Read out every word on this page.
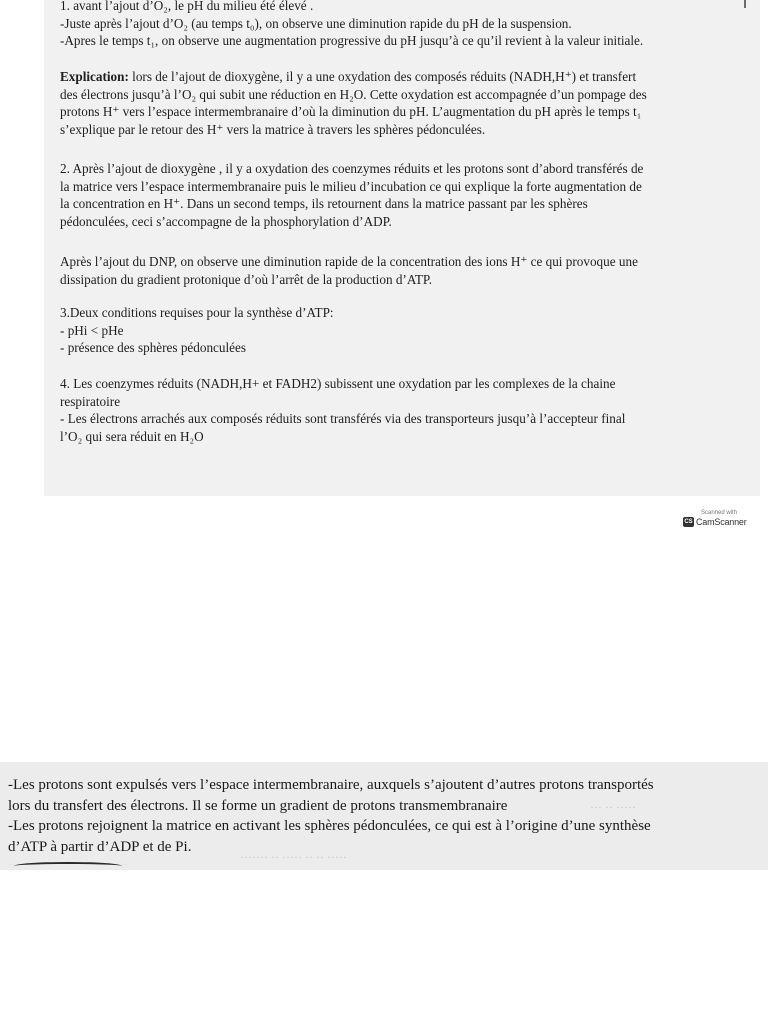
1. avant l’ajout d’O₂, le pH du milieu été élevé .
-Juste après l’ajout d’O₂ (au temps t₀), on observe une diminution rapide du pH de la suspension.
-Apres le temps t₁, on observe une augmentation progressive du pH jusqu’à ce qu’il revient à la valeur initiale.
Explication: lors de l’ajout de dioxygène, il y a une oxydation des composés réduits (NADH,H⁺) et transfert
des électrons jusqu’à l’O₂ qui subit une réduction en H₂O. Cette oxydation est accompagnée d’un pompage des
protons H⁺ vers l’espace intermembranaire d’où la diminution du pH. L’augmentation du pH après le temps t₁
s’explique par le retour des H⁺ vers la matrice à travers les sphères pédonculées.
2. Après l’ajout de dioxygène , il y a oxydation des coenzymes réduits et les protons sont d’abord transférés de
la matrice vers l’espace intermembranaire puis le milieu d’incubation ce qui explique la forte augmentation de
la concentration en H⁺. Dans un second temps, ils retournent dans la matrice passant par les sphères
pédonculées, ceci s’accompagne de la phosphorylation d’ADP.
Après l’ajout du DNP, on observe une diminution rapide de la concentration des ions H⁺ ce qui provoque une
dissipation du gradient protonique d’où l’arrêt de la production d’ATP.
3.Deux conditions requises pour la synthèse d’ATP:
- pHi < pHe
- présence des sphères pédonculées
4. Les coenzymes réduits (NADH,H+ et FADH2) subissent une oxydation par les complexes de la chaine
respiratoire
- Les électrons arrachés aux composés réduits sont transférés via des transporteurs jusqu’à l’accepteur final
l’O₂ qui sera réduit en H₂O
Scanned with
CS CamScanner
··· ·· ·····
······· ·· ····· ·· ·· ·····
-Les protons sont expulsés vers l’espace intermembranaire, auxquels s’ajoutent d’autres protons transportés
lors du transfert des électrons. Il se forme un gradient de protons transmembranaire
-Les protons rejoignent la matrice en activant les sphères pédonculées, ce qui est à l’origine d’une synthèse
d’ATP à partir d’ADP et de Pi.
